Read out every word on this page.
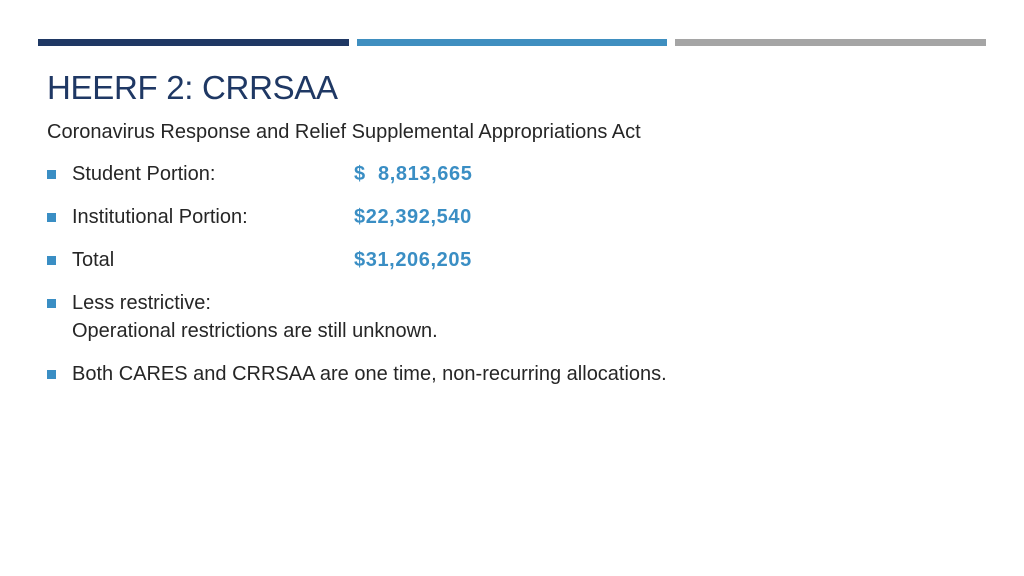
HEERF 2: CRRSAA
Coronavirus Response and Relief Supplemental Appropriations Act
Student Portion:	$  8,813,665
Institutional Portion:	$22,392,540
Total	$31,206,205
Less restrictive:
Operational restrictions are still unknown.
Both CARES and CRRSAA are one time, non-recurring allocations.
